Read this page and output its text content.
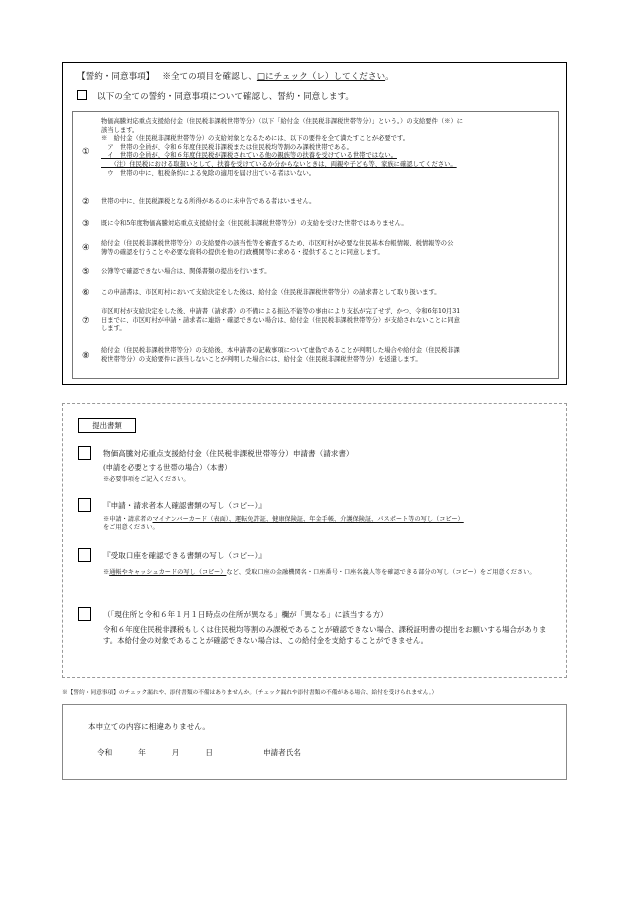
【誓約・同意事項】 ※全ての項目を確認し、□にチェック（レ）してください。
以下の全ての誓約・同意事項について確認し、誓約・同意します。
①

物価高騰対応重点支援給付金（住民税非課税世帯等分）（以下「給付金（住民税非課税世帯等分）」という。）の支給要件（※）に

該当します。

※　給付金（住民税非課税世帯等分）の支給対象となるためには、以下の要件を全て満たすことが必要です。

　ア　世帯の全員が、令和６年度住民税非課税または住民税均等割のみ課税世帯である。

　イ　世帯の全員が、令和６年度住民税が課税されている他の親族等の扶養を受けている世帯ではない。

　　（注）住民税における取扱いとして、扶養を受けているか分からないときは、両親や子ども等、家族に確認してください。

　ウ　世帯の中に、租税条約による免除の適用を届け出ている者はいない。

② 世帯の中に、住民税課税となる所得があるのに未申告である者はいません。

③ 既に令和5年度物価高騰対応重点支援給付金（住民税非課税世帯等分）の支給を受けた世帯ではありません。

④ 給付金（住民税非課税世帯等分）の支給要件の該当性等を審査するため、市区町村が必要な住民基本台帳情報、税情報等の公

簿等の確認を行うことや必要な資料の提供を他の行政機関等に求める・提供することに同意します。

⑤ 公簿等で確認できない場合は、関係書類の提出を行います。

⑥ この申請書は、市区町村において支給決定をした後は、給付金（住民税非課税世帯等分）の請求書として取り扱います。

⑦

市区町村が支給決定をした後、申請書（請求書）の不備による振込不能等の事由により支払が完了せず、かつ、令和6年10月31

日までに、市区町村が申請・請求者に連絡・確認できない場合は、給付金（住民税非課税世帯等分）が支給されないことに同意

します。

⑧

給付金（住民税非課税世帯等分）の支給後、本申請書の記載事項について虚偽であることが判明した場合や給付金（住民税非課

税世帯等分）の支給要件に該当しないことが判明した場合には、給付金（住民税非課税世帯等分）を返還します。

提出書類
物価高騰対応重点支援給付金（住民税非課税世帯等分）申請書（請求書）
(申請を必要とする世帯の場合）（本書）

※必要事項をご記入ください。

『申請・請求者本人確認書類の写し（コピー）』

※申請・請求者のマイナンバーカード（表面）、運転免許証、健康保険証、年金手帳、介護保険証、パスポート等の写し（コピー）

をご用意ください。

『受取口座を確認できる書類の写し（コピー）』

※通帳やキャッシュカードの写し（コピー）など、受取口座の金融機関名・口座番号・口座名義人等を確認できる部分の写し（コピー）をご用意ください。

（「現住所と令和６年１月１日時点の住所が異なる」欄が「異なる」に該当する方）
令和６年度住民税非課税もしくは住民税均等割のみ課税であることが確認できない場合、課税証明書の提出をお願いする場合があります。本給付金の対象であることが確認できない場合は、この給付金を支給することができません。
※【誓約・同意事項】のチェック漏れや、添付書類の不備はありませんか。（チェック漏れや添付書類の不備がある場合、給付を受けられません。）
本申立ての内容に相違ありません。
令和	年	月	日	申請者氏名
